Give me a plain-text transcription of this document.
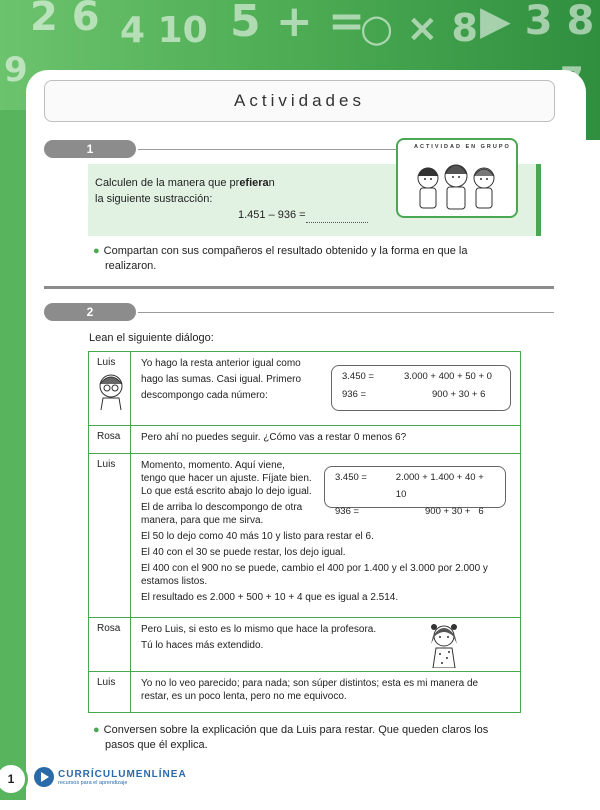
2 6 4 10 5 + =
○ × 8 ▶ 3 8
9
Actividades
1
Calculen de la manera que prefieran
la siguiente sustracción:
1.451 – 936 =
ACTIVIDAD EN GRUPO
● Compartan con sus compañeros el resultado obtenido y la forma en que la
realizaron.
2
Lean el siguiente diálogo:
Luis	Yo hago la resta anterior igual como

hago las sumas. Casi igual. Primero

descompongo cada número:

3.450 =	3.000 + 400 + 50 + 0
936 =	900 + 30 + 6
Rosa	Pero ahí no puedes seguir. ¿Cómo vas a restar 0 menos 6?

Luis	Momento, momento. Aquí viene,

tengo que hacer un ajuste. Fíjate bien.

Lo que está escrito abajo lo dejo igual.

El de arriba lo descompongo de otra

manera, para que me sirva.

El 50 lo dejo como 40 más 10 y listo para restar el 6.

El 40 con el 30 se puede restar, los dejo igual.

El 400 con el 900 no se puede, cambio el 400 por 1.400 y el 3.000 por 2.000 y

estamos listos.

El resultado es 2.000 + 500 + 10 + 4 que es igual a 2.514.

3.450 =	2.000 + 1.400 + 40 + 10
936 =	900 + 30 +   6
Rosa	Pero Luis, si esto es lo mismo que hace la profesora.

Tú lo haces más extendido.

Luis	Yo no lo veo parecido; para nada; son súper distintos; esta es mi manera de

restar, es un poco lenta, pero no me equivoco.

● Conversen sobre la explicación que da Luis para restar. Que queden claros los
pasos que él explica.
1	CURRÍCULUMENLÍNEA
recursos para el aprendizaje
